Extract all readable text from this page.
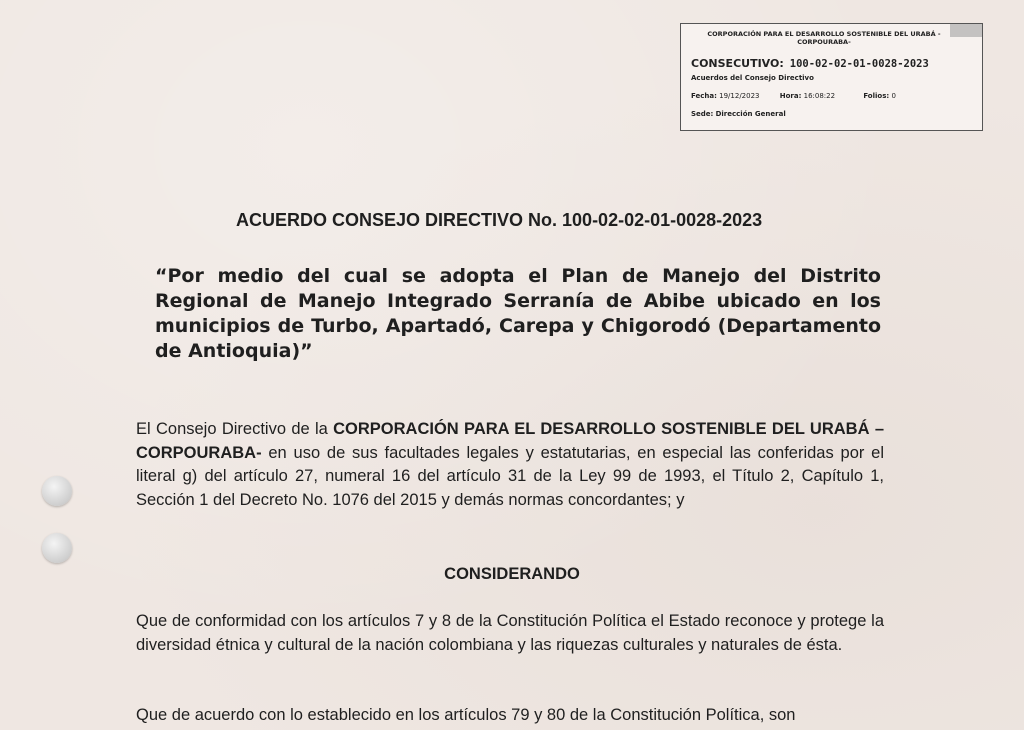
CORPORACIÓN PARA EL DESARROLLO SOSTENIBLE DEL URABÁ -CORPOURABA-
CONSECUTIVO: 100-02-02-01-0028-2023
Acuerdos del Consejo Directivo
Fecha: 19/12/2023	Hora: 16:08:22	Folios: 0
Sede: Dirección General
ACUERDO CONSEJO DIRECTIVO No. 100-02-02-01-0028-2023
“Por medio del cual se adopta el Plan de Manejo del Distrito Regional de Manejo Integrado Serranía de Abibe ubicado en los municipios de Turbo, Apartadó, Carepa y Chigorodó (Departamento de Antioquia)”
El Consejo Directivo de la CORPORACIÓN PARA EL DESARROLLO SOSTENIBLE DEL URABÁ –CORPOURABA- en uso de sus facultades legales y estatutarias, en especial las conferidas por el literal g) del artículo 27, numeral 16 del artículo 31 de la Ley 99 de 1993, el Título 2, Capítulo 1, Sección 1 del Decreto No. 1076 del 2015 y demás normas concordantes; y
CONSIDERANDO
Que de conformidad con los artículos 7 y 8 de la Constitución Política el Estado reconoce y protege la diversidad étnica y cultural de la nación colombiana y las riquezas culturales y naturales de ésta.
Que de acuerdo con lo establecido en los artículos 79 y 80 de la Constitución Política, son
